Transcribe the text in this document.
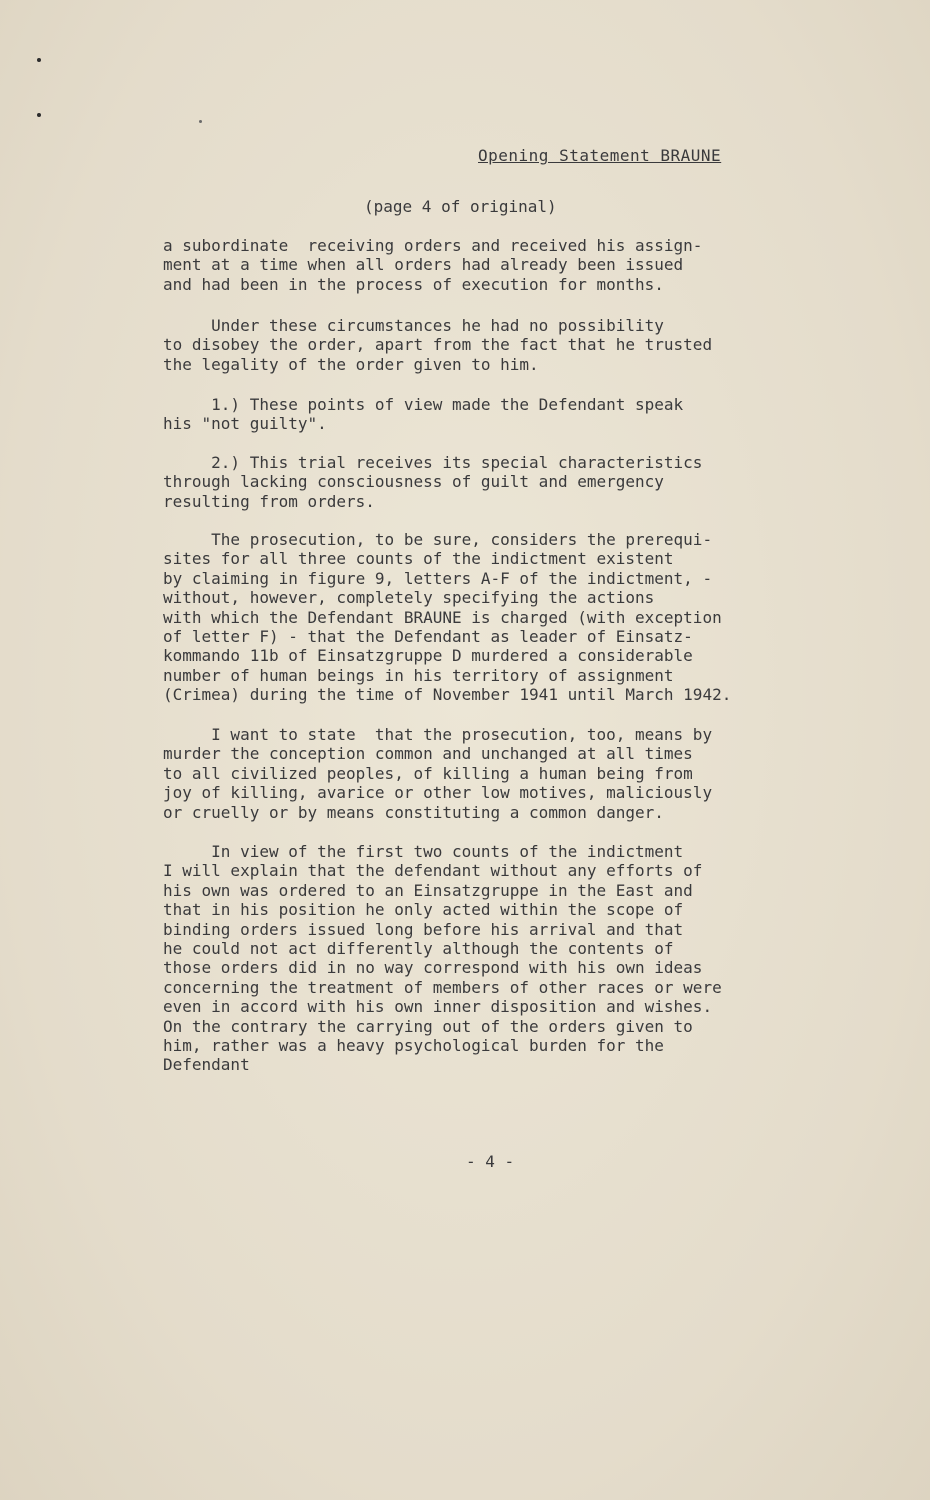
Opening Statement BRAUNE
(page 4 of original)
a subordinate  receiving orders and received his assign-
ment at a time when all orders had already been issued
and had been in the process of execution for months.
Under these circumstances he had no possibility
to disobey the order, apart from the fact that he trusted
the legality of the order given to him.
1.) These points of view made the Defendant speak
his "not guilty".
2.) This trial receives its special characteristics
through lacking consciousness of guilt and emergency
resulting from orders.
The prosecution, to be sure, considers the prerequi-
sites for all three counts of the indictment existent
by claiming in figure 9, letters A-F of the indictment, -
without, however, completely specifying the actions
with which the Defendant BRAUNE is charged (with exception
of letter F) - that the Defendant as leader of Einsatz-
kommando 11b of Einsatzgruppe D murdered a considerable
number of human beings in his territory of assignment
(Crimea) during the time of November 1941 until March 1942.
I want to state  that the prosecution, too, means by
murder the conception common and unchanged at all times
to all civilized peoples, of killing a human being from
joy of killing, avarice or other low motives, maliciously
or cruelly or by means constituting a common danger.
In view of the first two counts of the indictment
I will explain that the defendant without any efforts of
his own was ordered to an Einsatzgruppe in the East and
that in his position he only acted within the scope of
binding orders issued long before his arrival and that
he could not act differently although the contents of
those orders did in no way correspond with his own ideas
concerning the treatment of members of other races or were
even in accord with his own inner disposition and wishes.
On the contrary the carrying out of the orders given to
him, rather was a heavy psychological burden for the
Defendant
- 4 -
